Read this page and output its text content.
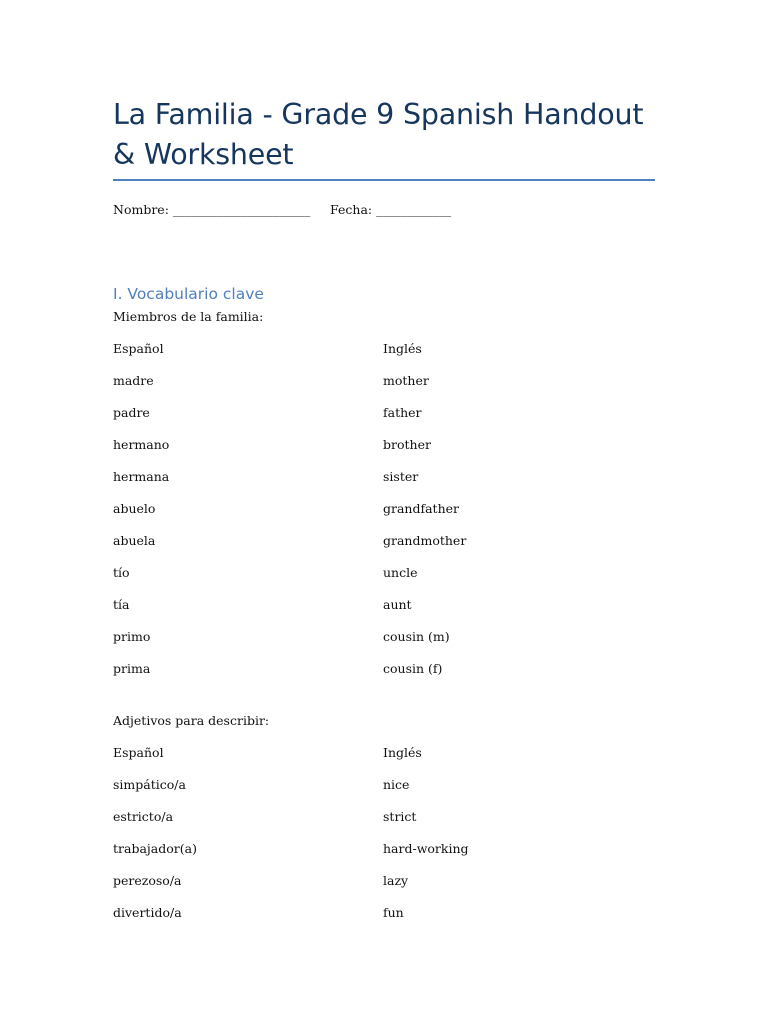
La Familia - Grade 9 Spanish Handout & Worksheet
Nombre: ______________________ Fecha: ____________
I. Vocabulario clave
Miembros de la familia:
Español	Inglés
madre	mother
padre	father
hermano	brother
hermana	sister
abuelo	grandfather
abuela	grandmother
tío	uncle
tía	aunt
primo	cousin (m)
prima	cousin (f)
Adjetivos para describir:
Español	Inglés
simpático/a	nice
estricto/a	strict
trabajador(a)	hard-working
perezoso/a	lazy
divertido/a	fun
